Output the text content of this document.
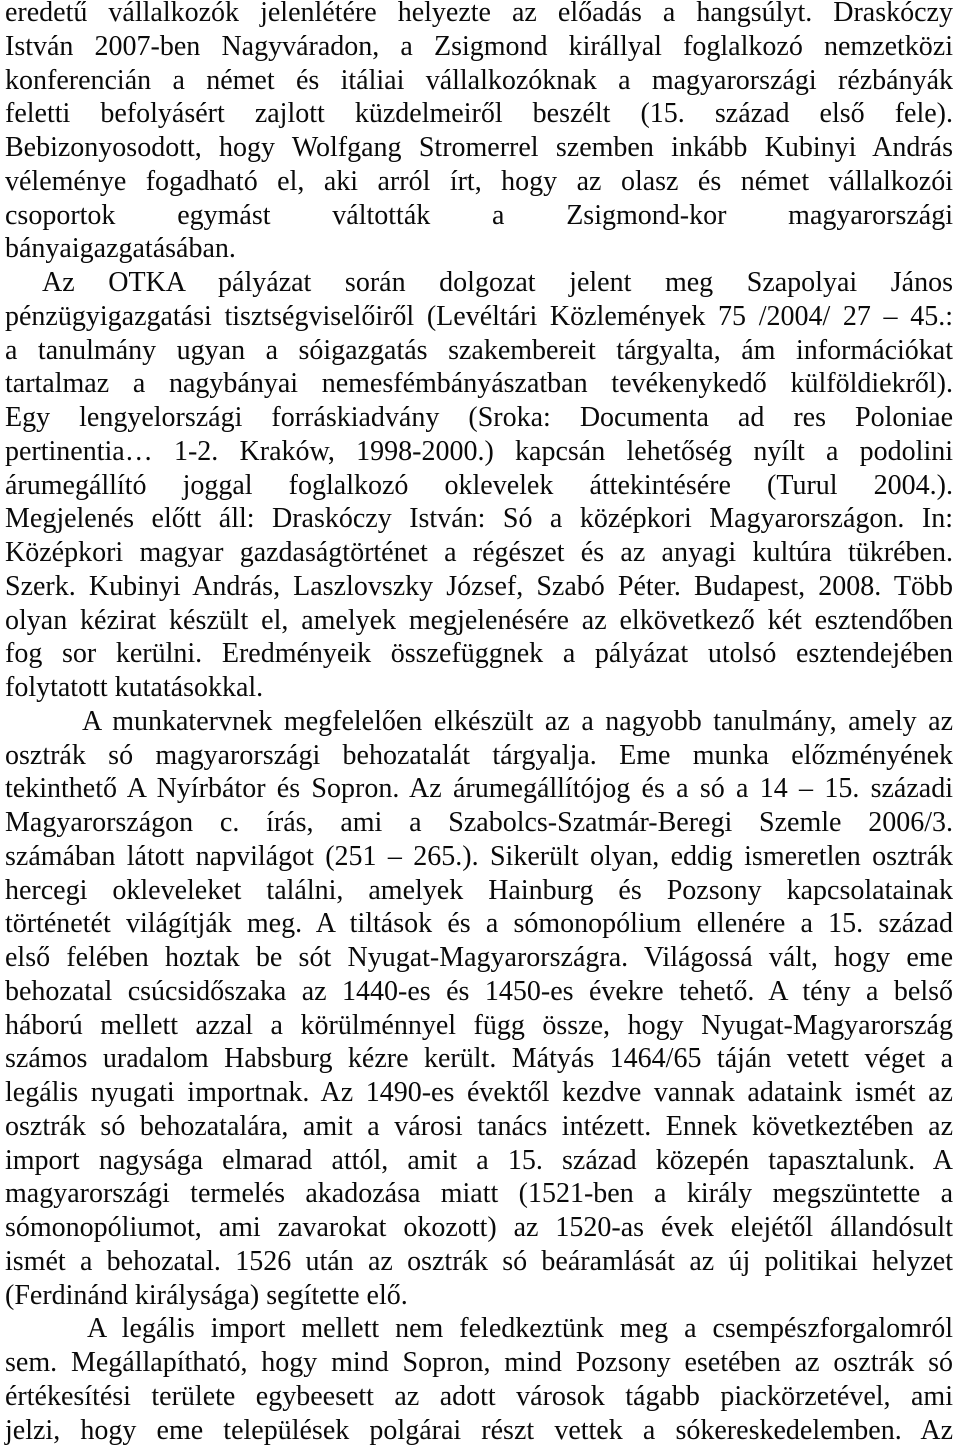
eredetű vállalkozók jelenlétére helyezte az előadás a hangsúlyt. Draskóczy
István 2007-ben Nagyváradon, a Zsigmond királlyal foglalkozó nemzetközi
konferencián a német és itáliai vállalkozóknak a magyarországi rézbányák
feletti befolyásért zajlott küzdelmeiről beszélt (15. század első fele).
Bebizonyosodott, hogy Wolfgang Stromerrel szemben inkább Kubinyi András
véleménye fogadható el, aki arról írt, hogy az olasz és német vállalkozói
csoportok egymást váltották a Zsigmond-kor magyarországi
bányaigazgatásában.
Az OTKA pályázat során dolgozat jelent meg Szapolyai János
pénzügyigazgatási tisztségviselőiről (Levéltári Közlemények 75 /2004/ 27 – 45.:
a tanulmány ugyan a sóigazgatás szakembereit tárgyalta, ám információkat
tartalmaz a nagybányai nemesfémbányászatban tevékenykedő külföldiekről).
Egy lengyelországi forráskiadvány (Sroka: Documenta ad res Poloniae
pertinentia… 1-2. Kraków, 1998-2000.) kapcsán lehetőség nyílt a podolini
árumegállító joggal foglalkozó oklevelek áttekintésére (Turul 2004.).
Megjelenés előtt áll: Draskóczy István: Só a középkori Magyarországon. In:
Középkori magyar gazdaságtörténet a régészet és az anyagi kultúra tükrében.
Szerk. Kubinyi András, Laszlovszky József, Szabó Péter. Budapest, 2008. Több
olyan kézirat készült el, amelyek megjelenésére az elkövetkező két esztendőben
fog sor kerülni. Eredményeik összefüggnek a pályázat utolsó esztendejében
folytatott kutatásokkal.
A munkatervnek megfelelően elkészült az a nagyobb tanulmány, amely az
osztrák só magyarországi behozatalát tárgyalja. Eme munka előzményének
tekinthető A Nyírbátor és Sopron. Az árumegállítójog és a só a 14 – 15. századi
Magyarországon c. írás, ami a Szabolcs-Szatmár-Beregi Szemle 2006/3.
számában látott napvilágot (251 – 265.). Sikerült olyan, eddig ismeretlen osztrák
hercegi okleveleket találni, amelyek Hainburg és Pozsony kapcsolatainak
történetét világítják meg. A tiltások és a sómonopólium ellenére a 15. század
első felében hoztak be sót Nyugat-Magyarországra. Világossá vált, hogy eme
behozatal csúcsidőszaka az 1440-es és 1450-es évekre tehető. A tény a belső
háború mellett azzal a körülménnyel függ össze, hogy Nyugat-Magyarország
számos uradalom Habsburg kézre került. Mátyás 1464/65 táján vetett véget a
legális nyugati importnak. Az 1490-es évektől kezdve vannak adataink ismét az
osztrák só behozatalára, amit a városi tanács intézett. Ennek következtében az
import nagysága elmarad attól, amit a 15. század közepén tapasztalunk. A
magyarországi termelés akadozása miatt (1521-ben a király megszüntette a
sómonopóliumot, ami zavarokat okozott) az 1520-as évek elejétől állandósult
ismét a behozatal. 1526 után az osztrák só beáramlását az új politikai helyzet
(Ferdinánd királysága) segítette elő.
A legális import mellett nem feledkeztünk meg a csempészforgalomról
sem. Megállapítható, hogy mind Sopron, mind Pozsony esetében az osztrák só
értékesítési területe egybeesett az adott városok tágabb piackörzetével, ami
jelzi, hogy eme települések polgárai részt vettek a sókereskedelemben. Az
